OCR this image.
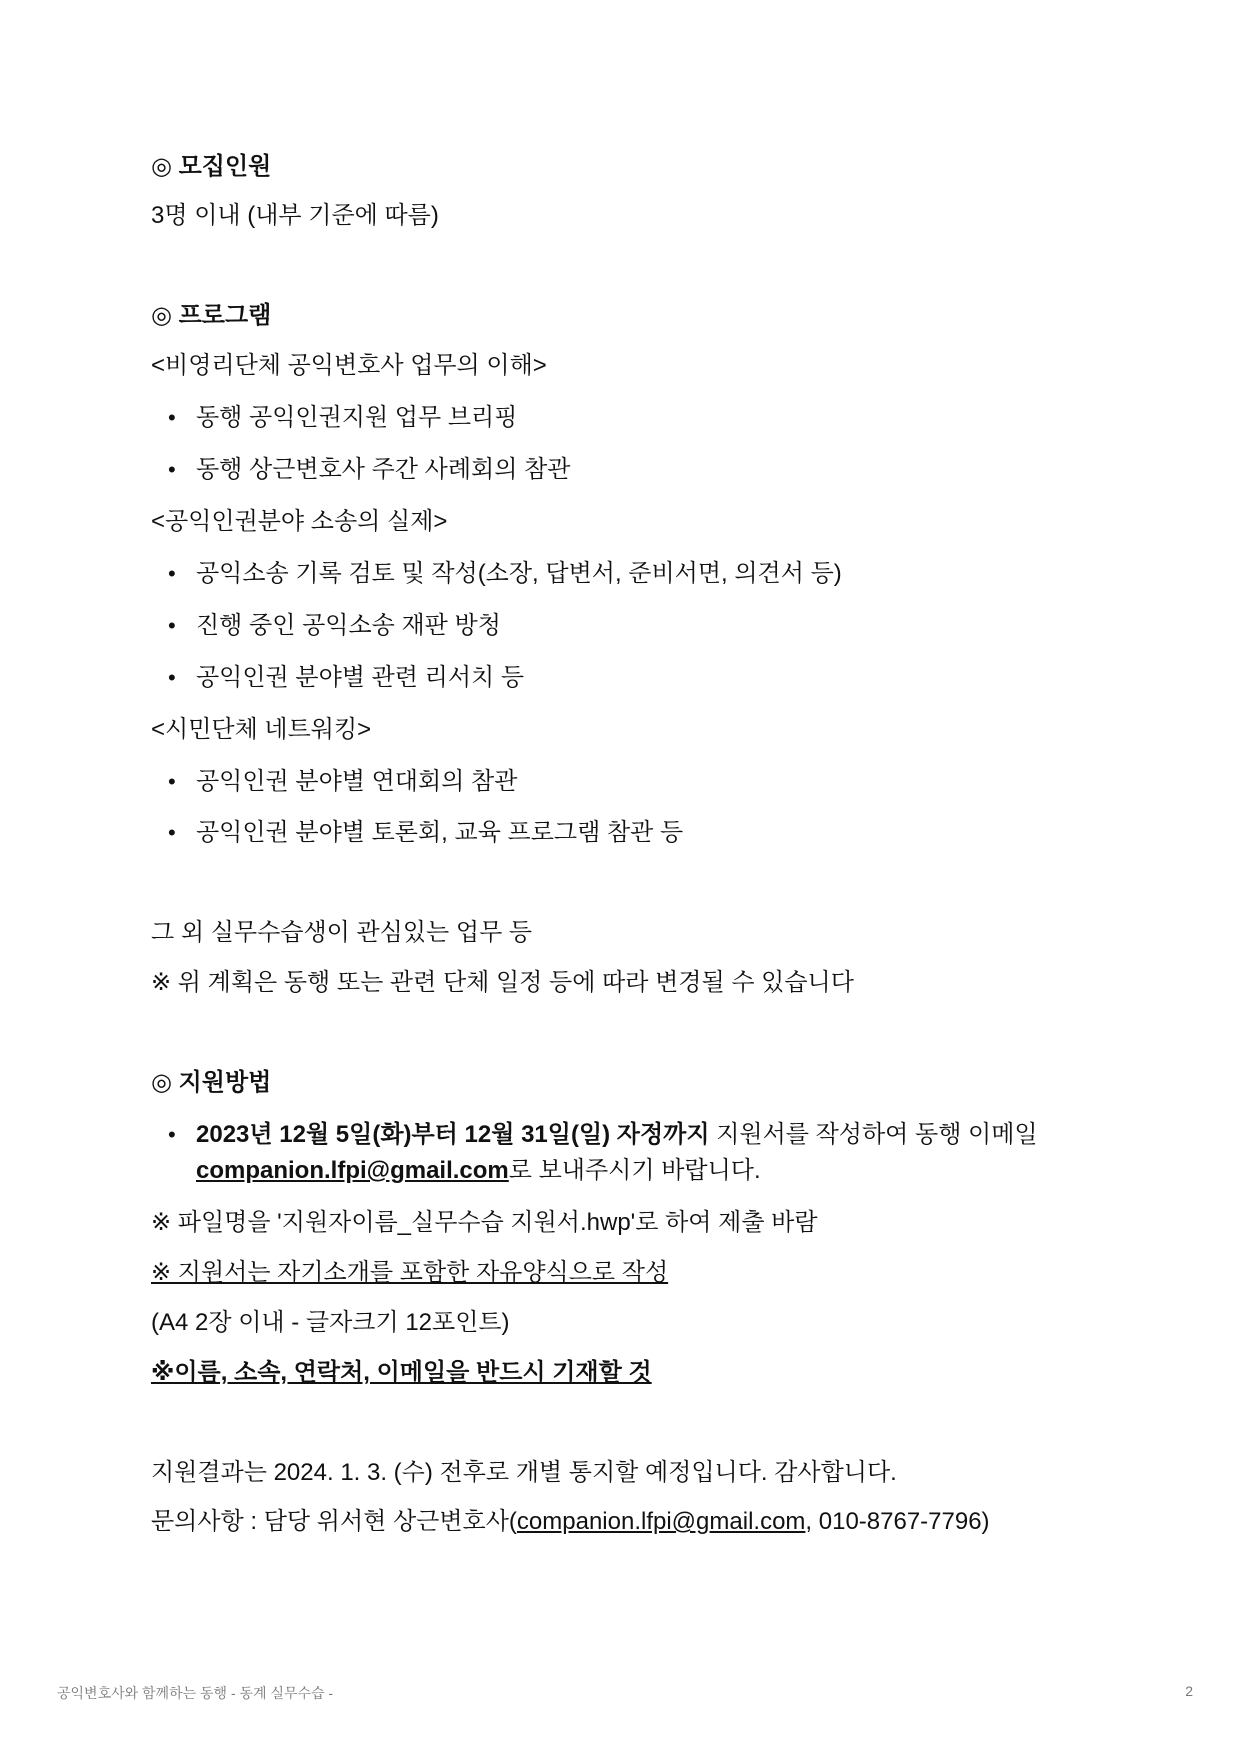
◎ 모집인원
3명 이내 (내부 기준에 따름)
◎ 프로그램
<비영리단체 공익변호사 업무의 이해>
• 동행 공익인권지원 업무 브리핑
• 동행 상근변호사 주간 사례회의 참관
<공익인권분야 소송의 실제>
• 공익소송 기록 검토 및 작성(소장, 답변서, 준비서면, 의견서 등)
• 진행 중인 공익소송 재판 방청
• 공익인권 분야별 관련 리서치 등
<시민단체 네트워킹>
• 공익인권 분야별 연대회의 참관
• 공익인권 분야별 토론회, 교육 프로그램 참관 등
그 외 실무수습생이 관심있는 업무 등
※ 위 계획은 동행 또는 관련 단체 일정 등에 따라 변경될 수 있습니다
◎ 지원방법
• 2023년 12월 5일(화)부터 12월 31일(일) 자정까지 지원서를 작성하여 동행 이메일
companion.lfpi@gmail.com로 보내주시기 바랍니다.
※ 파일명을 '지원자이름_실무수습 지원서.hwp'로 하여 제출 바람
※ 지원서는 자기소개를 포함한 자유양식으로 작성
(A4 2장 이내 - 글자크기 12포인트)
※이름, 소속, 연락처, 이메일을 반드시 기재할 것
지원결과는 2024. 1. 3. (수) 전후로 개별 통지할 예정입니다. 감사합니다.
문의사항 : 담당 위서현 상근변호사(companion.lfpi@gmail.com, 010-8767-7796)
공익변호사와 함께하는 동행 - 동계 실무수습 -	2
